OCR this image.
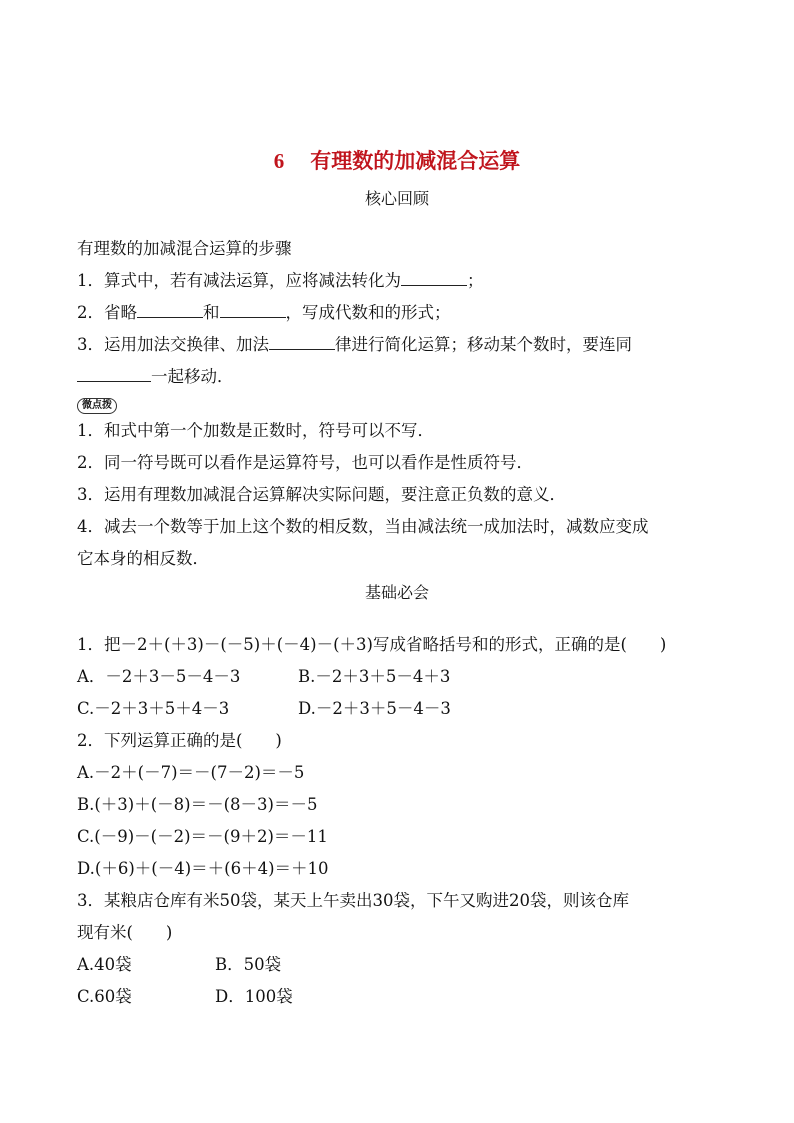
6 有理数的加减混合运算
核心回顾
有理数的加减混合运算的步骤
1．算式中，若有减法运算，应将减法转化为	；
2．省略	和	，写成代数和的形式；
3．运用加法交换律、加法	律进行简化运算；移动某个数时，要连同
一起移动．
微点拨
1．和式中第一个加数是正数时，符号可以不写．
2．同一符号既可以看作是运算符号，也可以看作是性质符号．
3．运用有理数加减混合运算解决实际问题，要注意正负数的意义．
4．减去一个数等于加上这个数的相反数，当由减法统一成加法时，减数应变成
它本身的相反数．
基础必会
1．把－2＋(＋3)－(－5)＋(－4)－(＋3)写成省略括号和的形式，正确的是(　　)
A．－2＋3－5－4－3	B.－2＋3＋5－4＋3
C.－2＋3＋5＋4－3	D.－2＋3＋5－4－3
2．下列运算正确的是(　　)
A.－2＋(－7)＝－(7－2)＝－5
B.(＋3)＋(－8)＝－(8－3)＝－5
C.(－9)－(－2)＝－(9＋2)＝－11
D.(＋6)＋(－4)＝＋(6＋4)＝＋10
3．某粮店仓库有米50袋，某天上午卖出30袋，下午又购进20袋，则该仓库
现有米(　　)
A.40袋	B．50袋
C.60袋	D．100袋
